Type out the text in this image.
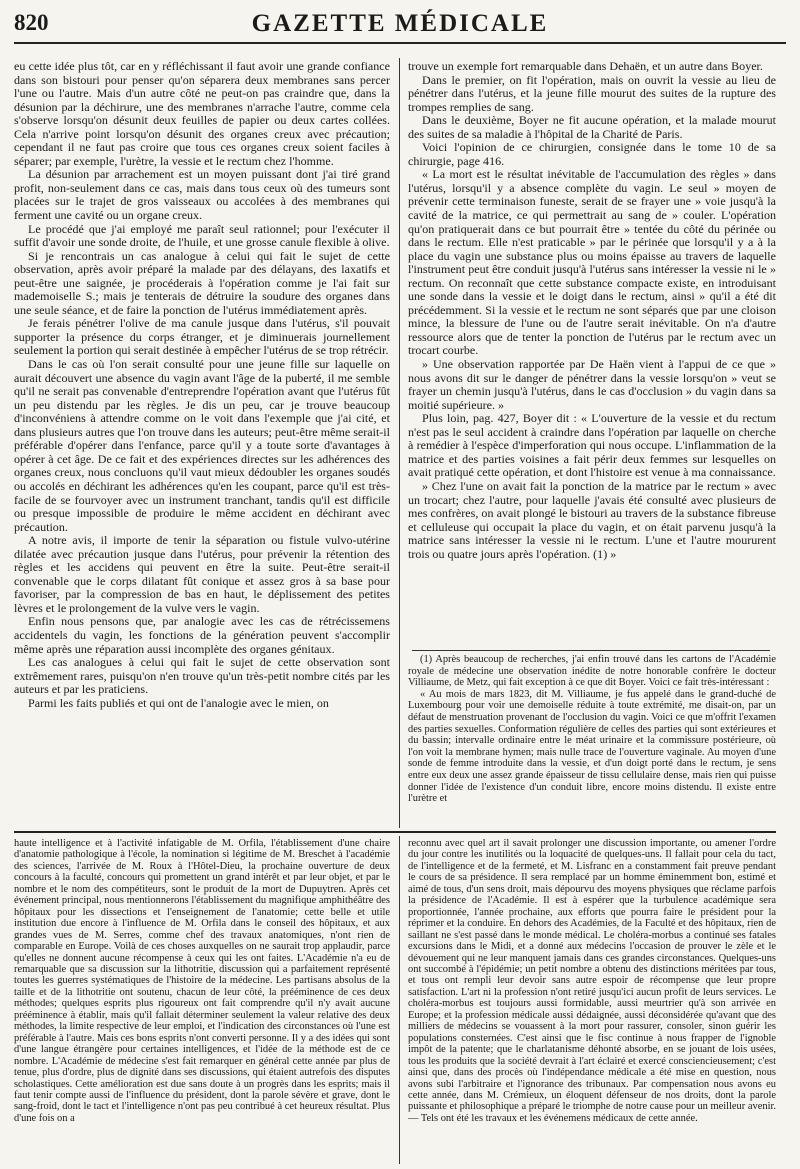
820	GAZETTE MÉDICALE

eu cette idée plus tôt, car en y réfléchissant il faut avoir une grande confiance dans son bistouri pour penser qu'on séparera deux membranes sans percer l'une ou l'autre. Mais d'un autre côté ne peut-on pas craindre que, dans la désunion par la déchirure, une des membranes n'arrache l'autre, comme cela s'observe lorsqu'on désunit deux feuilles de papier ou deux cartes collées. Cela n'arrive point lorsqu'on désunit des organes creux avec précaution; cependant il ne faut pas croire que tous ces organes creux soient faciles à séparer; par exemple, l'urètre, la vessie et le rectum chez l'homme.

La désunion par arrachement est un moyen puissant dont j'ai tiré grand profit, non-seulement dans ce cas, mais dans tous ceux où des tumeurs sont placées sur le trajet de gros vaisseaux ou accolées à des membranes qui ferment une cavité ou un organe creux.

Le procédé que j'ai employé me paraît seul rationnel; pour l'exécuter il suffit d'avoir une sonde droite, de l'huile, et une grosse canule flexible à olive.

Si je rencontrais un cas analogue à celui qui fait le sujet de cette observation, après avoir préparé la malade par des délayans, des laxatifs et peut-être une saignée, je procéderais à l'opération comme je l'ai fait sur mademoiselle S.; mais je tenterais de détruire la soudure des organes dans une seule séance, et de faire la ponction de l'utérus immédiatement après.

Je ferais pénétrer l'olive de ma canule jusque dans l'utérus, s'il pouvait supporter la présence du corps étranger, et je diminuerais journellement seulement la portion qui serait destinée à empêcher l'utérus de se trop rétrécir.

Dans le cas où l'on serait consulté pour une jeune fille sur laquelle on aurait découvert une absence du vagin avant l'âge de la puberté, il me semble qu'il ne serait pas convenable d'entreprendre l'opération avant que l'utérus fût un peu distendu par les règles. Je dis un peu, car je trouve beaucoup d'inconvéniens à attendre comme on le voit dans l'exemple que j'ai cité, et dans plusieurs autres que l'on trouve dans les auteurs; peut-être même serait-il préférable d'opérer dans l'enfance, parce qu'il y a toute sorte d'avantages à opérer à cet âge. De ce fait et des expériences directes sur les adhérences des organes creux, nous concluons qu'il vaut mieux dédoubler les organes soudés ou accolés en déchirant les adhérences qu'en les coupant, parce qu'il est très-facile de se fourvoyer avec un instrument tranchant, tandis qu'il est difficile ou presque impossible de produire le même accident en déchirant avec précaution.

A notre avis, il importe de tenir la séparation ou fistule vulvo-utérine dilatée avec précaution jusque dans l'utérus, pour prévenir la rétention des règles et les accidens qui peuvent en être la suite. Peut-être serait-il convenable que le corps dilatant fût conique et assez gros à sa base pour favoriser, par la compression de bas en haut, le déplissement des petites lèvres et le prolongement de la vulve vers le vagin.

Enfin nous pensons que, par analogie avec les cas de rétrécissemens accidentels du vagin, les fonctions de la génération peuvent s'accomplir même après une réparation aussi incomplète des organes génitaux.

Les cas analogues à celui qui fait le sujet de cette observation sont extrêmement rares, puisqu'on n'en trouve qu'un très-petit nombre cités par les auteurs et par les praticiens.

Parmi les faits publiés et qui ont de l'analogie avec le mien, on

trouve un exemple fort remarquable dans Dehaën, et un autre dans Boyer.

Dans le premier, on fit l'opération, mais on ouvrit la vessie au lieu de pénétrer dans l'utérus, et la jeune fille mourut des suites de la rupture des trompes remplies de sang.

Dans le deuxième, Boyer ne fit aucune opération, et la malade mourut des suites de sa maladie à l'hôpital de la Charité de Paris.

Voici l'opinion de ce chirurgien, consignée dans le tome 10 de sa chirurgie, page 416.

« La mort est le résultat inévitable de l'accumulation des règles » dans l'utérus, lorsqu'il y a absence complète du vagin. Le seul » moyen de prévenir cette terminaison funeste, serait de se frayer une » voie jusqu'à la cavité de la matrice, ce qui permettrait au sang de » couler. L'opération qu'on pratiquerait dans ce but pourrait être » tentée du côté du périnée ou dans le rectum. Elle n'est praticable » par le périnée que lorsqu'il y a à la place du vagin une substance plus ou moins épaisse au travers de laquelle l'instrument peut être conduit jusqu'à l'utérus sans intéresser la vessie ni le » rectum. On reconnaît que cette substance compacte existe, en introduisant une sonde dans la vessie et le doigt dans le rectum, ainsi » qu'il a été dit précédemment. Si la vessie et le rectum ne sont séparés que par une cloison mince, la blessure de l'une ou de l'autre serait inévitable. On n'a d'autre ressource alors que de tenter la ponction de l'utérus par le rectum avec un trocart courbe.

» Une observation rapportée par De Haën vient à l'appui de ce que » nous avons dit sur le danger de pénétrer dans la vessie lorsqu'on » veut se frayer un chemin jusqu'à l'utérus, dans le cas d'occlusion » du vagin dans sa moitié supérieure. »

Plus loin, pag. 427, Boyer dit : « L'ouverture de la vessie et du rectum n'est pas le seul accident à craindre dans l'opération par laquelle on cherche à remédier à l'espèce d'imperforation qui nous occupe. L'inflammation de la matrice et des parties voisines a fait périr deux femmes sur lesquelles on avait pratiqué cette opération, et dont l'histoire est venue à ma connaissance.

» Chez l'une on avait fait la ponction de la matrice par le rectum » avec un trocart; chez l'autre, pour laquelle j'avais été consulté avec plusieurs de mes confrères, on avait plongé le bistouri au travers de la substance fibreuse et celluleuse qui occupait la place du vagin, et on était parvenu jusqu'à la matrice sans intéresser la vessie ni le rectum. L'une et l'autre moururent trois ou quatre jours après l'opération. (1) »

(1) Après beaucoup de recherches, j'ai enfin trouvé dans les cartons de l'Académie royale de médecine une observation inédite de notre honorable confrère le docteur Villiaume, de Metz, qui fait exception à ce que dit Boyer. Voici ce fait très-intéressant :

« Au mois de mars 1823, dit M. Villiaume, je fus appelé dans le grand-duché de Luxembourg pour voir une demoiselle réduite à toute extrémité, me disait-on, par un défaut de menstruation provenant de l'occlusion du vagin. Voici ce que m'offrit l'examen des parties sexuelles. Conformation régulière de celles des parties qui sont extérieures et du bassin; intervalle ordinaire entre le méat urinaire et la commissure postérieure, où l'on voit la membrane hymen; mais nulle trace de l'ouverture vaginale. Au moyen d'une sonde de femme introduite dans la vessie, et d'un doigt porté dans le rectum, je sens entre eux deux une assez grande épaisseur de tissu cellulaire dense, mais rien qui puisse donner l'idée de l'existence d'un conduit libre, encore moins distendu. Il existe entre l'urètre et

haute intelligence et à l'activité infatigable de M. Orfila, l'établissement d'une chaire d'anatomie pathologique à l'école, la nomination si légitime de M. Breschet à l'académie des sciences, l'arrivée de M. Roux à l'Hôtel-Dieu, la prochaine ouverture de deux concours à la faculté, concours qui promettent un grand intérêt et par leur objet, et par le nombre et le nom des compétiteurs, sont le produit de la mort de Dupuytren. Après cet événement principal, nous mentionnerons l'établissement du magnifique amphithéâtre des hôpitaux pour les dissections et l'enseignement de l'anatomie; cette belle et utile institution due encore à l'influence de M. Orfila dans le conseil des hôpitaux, et aux grandes vues de M. Serres, comme chef des travaux anatomiques, n'ont rien de comparable en Europe. Voilà de ces choses auxquelles on ne saurait trop applaudir, parce qu'elles ne donnent aucune récompense à ceux qui les ont faites. L'Académie n'a eu de remarquable que sa discussion sur la lithotritie, discussion qui a parfaitement représenté toutes les guerres systématiques de l'histoire de la médecine. Les partisans absolus de la taille et de la lithotritie ont soutenu, chacun de leur côté, la prééminence de ces deux méthodes; quelques esprits plus rigoureux ont fait comprendre qu'il n'y avait aucune prééminence à établir, mais qu'il fallait déterminer seulement la valeur relative des deux méthodes, la limite respective de leur emploi, et l'indication des circonstances où l'une est préférable à l'autre. Mais ces bons esprits n'ont converti personne. Il y a des idées qui sont d'une langue étrangère pour certaines intelligences, et l'idée de la méthode est de ce nombre. L'Académie de médecine s'est fait remarquer en général cette année par plus de tenue, plus d'ordre, plus de dignité dans ses discussions, qui étaient autrefois des disputes scholastiques. Cette amélioration est due sans doute à un progrès dans les esprits; mais il faut tenir compte aussi de l'influence du président, dont la parole sévère et grave, dont le sang-froid, dont le tact et l'intelligence n'ont pas peu contribué à cet heureux résultat. Plus d'une fois on a

reconnu avec quel art il savait prolonger une discussion importante, ou amener l'ordre du jour contre les inutilités ou la loquacité de quelques-uns. Il fallait pour cela du tact, de l'intelligence et de la fermeté, et M. Lisfranc en a constamment fait preuve pendant le cours de sa présidence. Il sera remplacé par un homme éminemment bon, estimé et aimé de tous, d'un sens droit, mais dépourvu des moyens physiques que réclame parfois la présidence de l'Académie. Il est à espérer que la turbulence académique sera proportionnée, l'année prochaine, aux efforts que pourra faire le président pour la réprimer et la conduire. En dehors des Académies, de la Faculté et des hôpitaux, rien de saillant ne s'est passé dans le monde médical. Le choléra-morbus a continué ses fatales excursions dans le Midi, et a donné aux médecins l'occasion de prouver le zèle et le dévouement qui ne leur manquent jamais dans ces grandes circonstances. Quelques-uns ont succombé à l'épidémie; un petit nombre a obtenu des distinctions méritées par tous, et tous ont rempli leur devoir sans autre espoir de récompense que leur propre satisfaction. L'art ni la profession n'ont retiré jusqu'ici aucun profit de leurs services. Le choléra-morbus est toujours aussi formidable, aussi meurtrier qu'à son arrivée en Europe; et la profession médicale aussi dédaignée, aussi déconsidérée qu'avant que des milliers de médecins se vouassent à la mort pour rassurer, consoler, sinon guérir les populations consternées. C'est ainsi que le fisc continue à nous frapper de l'ignoble impôt de la patente; que le charlatanisme déhonté absorbe, en se jouant de lois usées, tous les produits que la société devrait à l'art éclairé et exercé consciencieusement; c'est ainsi que, dans des procès où l'indépendance médicale a été mise en question, nous avons subi l'arbitraire et l'ignorance des tribunaux. Par compensation nous avons eu cette année, dans M. Crémieux, un éloquent défenseur de nos droits, dont la parole puissante et philosophique a préparé le triomphe de notre cause pour un meilleur avenir. — Tels ont été les travaux et les événemens médicaux de cette année.
